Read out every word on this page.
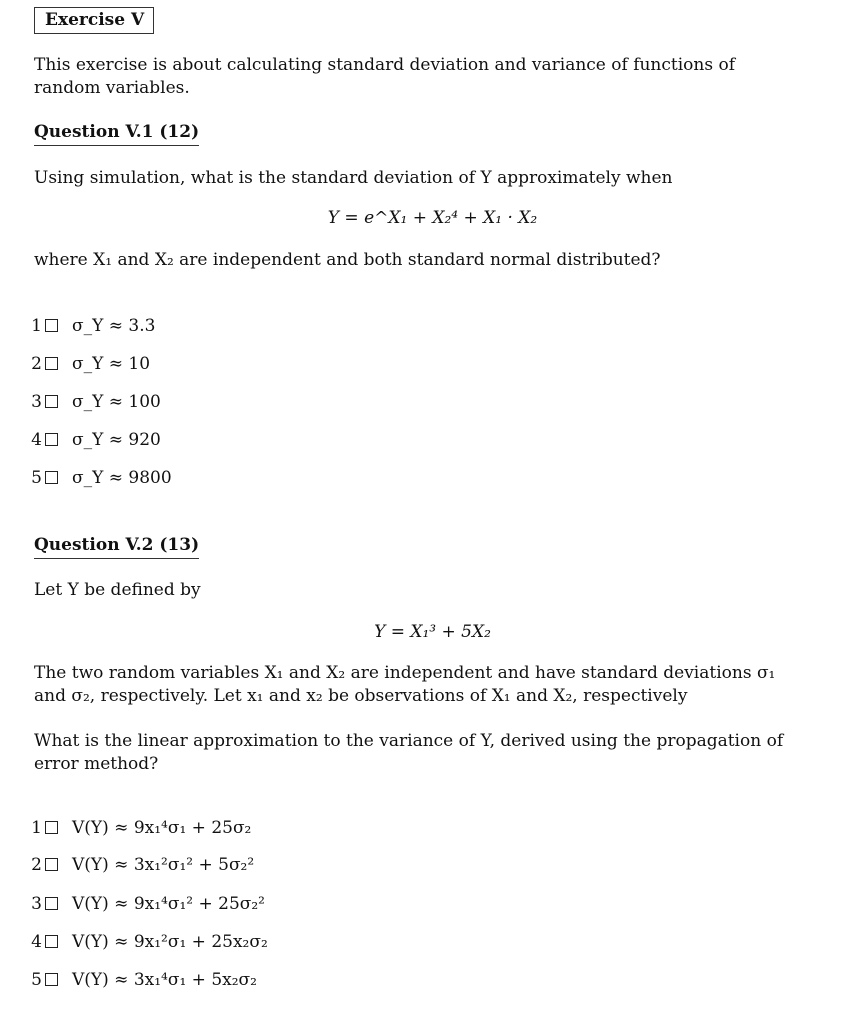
Exercise V
This exercise is about calculating standard deviation and variance of functions of random variables.
Question V.1 (12)
Using simulation, what is the standard deviation of Y approximately when
Y = e^X₁ + X₂⁴ + X₁ · X₂
where X₁ and X₂ are independent and both standard normal distributed?
1 σ_Y ≈ 3.3
2 σ_Y ≈ 10
3 σ_Y ≈ 100
4 σ_Y ≈ 920
5 σ_Y ≈ 9800
Question V.2 (13)
Let Y be defined by
Y = X₁³ + 5X₂
The two random variables X₁ and X₂ are independent and have standard deviations σ₁ and σ₂, respectively. Let x₁ and x₂ be observations of X₁ and X₂, respectively
What is the linear approximation to the variance of Y, derived using the propagation of error method?
1 V(Y) ≈ 9x₁⁴σ₁ + 25σ₂
2 V(Y) ≈ 3x₁²σ₁² + 5σ₂²
3 V(Y) ≈ 9x₁⁴σ₁² + 25σ₂²
4 V(Y) ≈ 9x₁²σ₁ + 25x₂σ₂
5 V(Y) ≈ 3x₁⁴σ₁ + 5x₂σ₂
